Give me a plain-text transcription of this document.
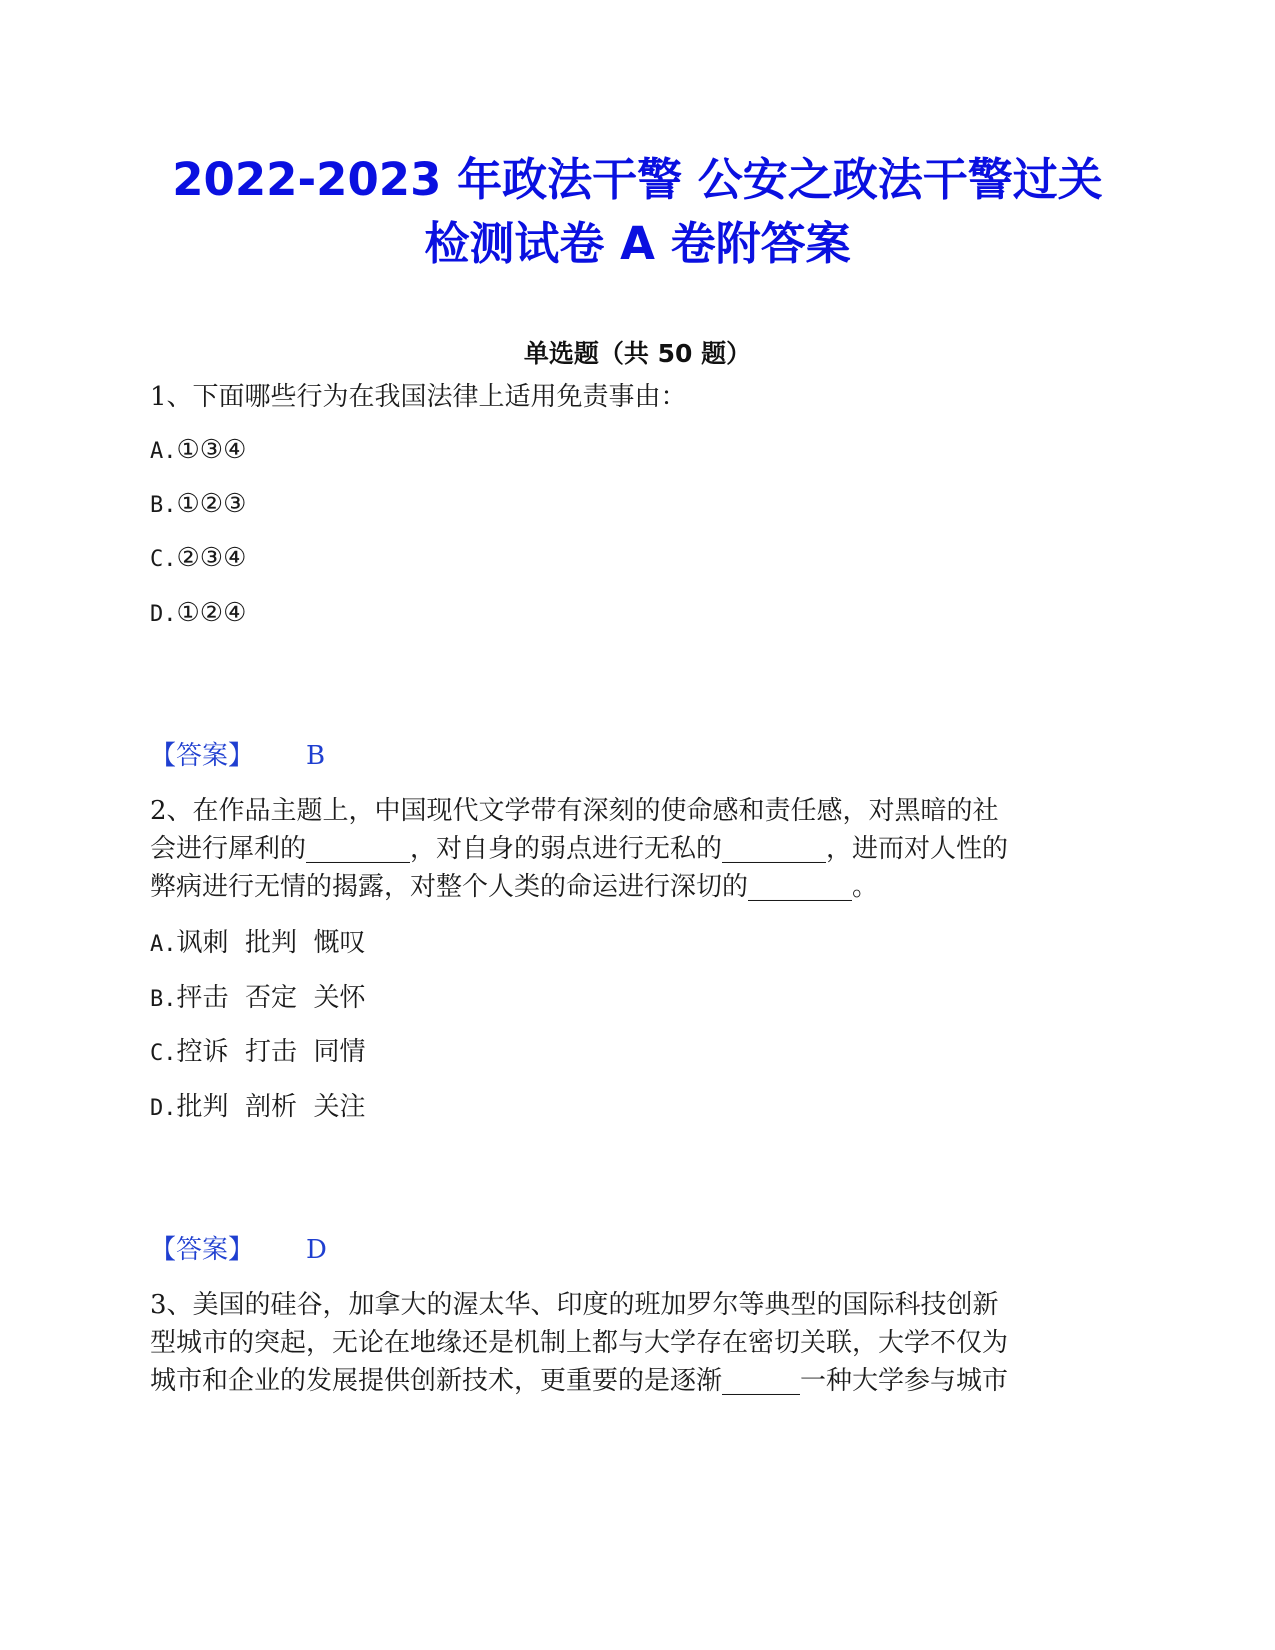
2022-2023 年政法干警 公安之政法干警过关
检测试卷 A 卷附答案
单选题（共 50 题）
1、下面哪些行为在我国法律上适用免责事由：
A.①③④
B.①②③
C.②③④
D.①②④
【答案】 B
2、在作品主题上，中国现代文学带有深刻的使命感和责任感，对黑暗的社
会进行犀利的________，对自身的弱点进行无私的________，进而对人性的
弊病进行无情的揭露，对整个人类的命运进行深切的________。
A.讽刺  批判  慨叹
B.抨击  否定  关怀
C.控诉  打击  同情
D.批判  剖析  关注
【答案】 D
3、美国的硅谷，加拿大的渥太华、印度的班加罗尔等典型的国际科技创新
型城市的突起，无论在地缘还是机制上都与大学存在密切关联，大学不仅为
城市和企业的发展提供创新技术，更重要的是逐渐______一种大学参与城市
